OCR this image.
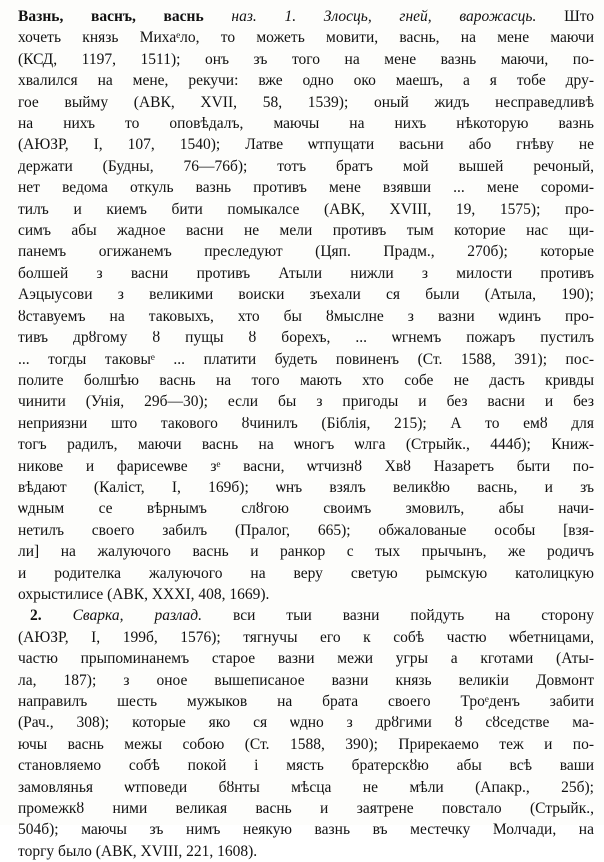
Вазнь, васнъ, васнь наз. 1. Злосць, гней, варожасць. Што
хочеть князь Михаᵉло, то можеть мовити, васнь, на мене маючи
(КСД, 1197, 1511); онъ зъ того на мене вазнь маючи, по-
хвалился на мене, рекучи: вже одно око маешъ, а я тобе дру-
гое выйму (АВК, XVII, 58, 1539); оный жидъ несправедливѣ
на нихъ то оповѣдалъ, маючы на нихъ нѣкоторую вазнь
(АЮЗР, I, 107, 1540); Латве ѡтпущати васьни або гнѣву не
держати (Будны, 76—76б); тотъ братъ мой вышей речоный,
нет ведома откуль вазнь противъ мене взявши ... мене сороми-
тилъ и киемъ бити помыкалсе (АВК, XVIII, 19, 1575); про-
симъ абы жадное васни не мели противъ тым которие нас щи-
панемъ огижанемъ преследуют (Цяп. Прадм., 270б); которые
болшей з васни противъ Атыли нижли з милости противъ
Аэцыусови з великими воиски зъехали ся были (Атыла, 190);
ȣставуемъ на таковыхъ, хто бы ȣмыслне з вазни ѡдинъ про-
тивъ дрȣгому ȣ пущы ȣ борехъ, ... ѡгнемъ пожаръ пустилъ
... тогды таковыᵉ ... платити будеть повиненъ (Ст. 1588, 391); пос-
полите болшѣю васнь на того мають хто собе не дасть кривды
чинити (Унія, 29б—30); если бы з пригоды и без васни и без
неприязни што такового ȣчинилъ (Біблія, 215); А то емȣ для
тогъ радилъ, маючи васнь на ѡногъ ѡлга (Стрыйк., 444б); Книж-
никове и фарисеѡве зᵉ васни, ѡтчизнȣ Хвȣ Назаретъ быти по-
вѣдают (Каліст, I, 169б); ѡнъ взялъ великȣю васнь, и зъ
ѡдным се вѣрнымъ слȣгою своимъ змовилъ, абы начи-
нетилъ своего забилъ (Пралог, 665); обжалованые особы [взя-
ли] на жалуючого васнь и ранкор с тых прычынъ, же родичъ
и родителка жалуючого на веру светую рымскую католицкую
охрыстилисе (АВК, XXXI, 408, 1669).
2. Сварка, разлад. вси тыи вазни пойдуть на сторону
(АЮЗР, I, 199б, 1576); тягнучы его к собѣ частю ѡбетницами,
частю прыпоминанемъ старое вазни межи угры а кготами (Аты-
ла, 187); з оное вышеписаное вазни князь великіи Довмонт
направилъ шесть мужыков на брата своего Троᵉденъ забити
(Рач., 308); которые яко ся ѡдно з дрȣгими ȣ сȣседстве ма-
ючы васнь межы собою (Ст. 1588, 390); Прирекаемо теж и по-
становляемо собѣ покой і мясть братерскȣю абы всѣ ваши
замовлянья ѡтповеди бȣнты мѣсца не мѣли (Апакр., 25б);
промежкȣ ними великая васнь и заятрене повстало (Стрыйк.,
504б); маючы зъ нимъ неякую вазнь въ местечку Молчади, на
торгу было (АВК, XVIII, 221, 1608).
